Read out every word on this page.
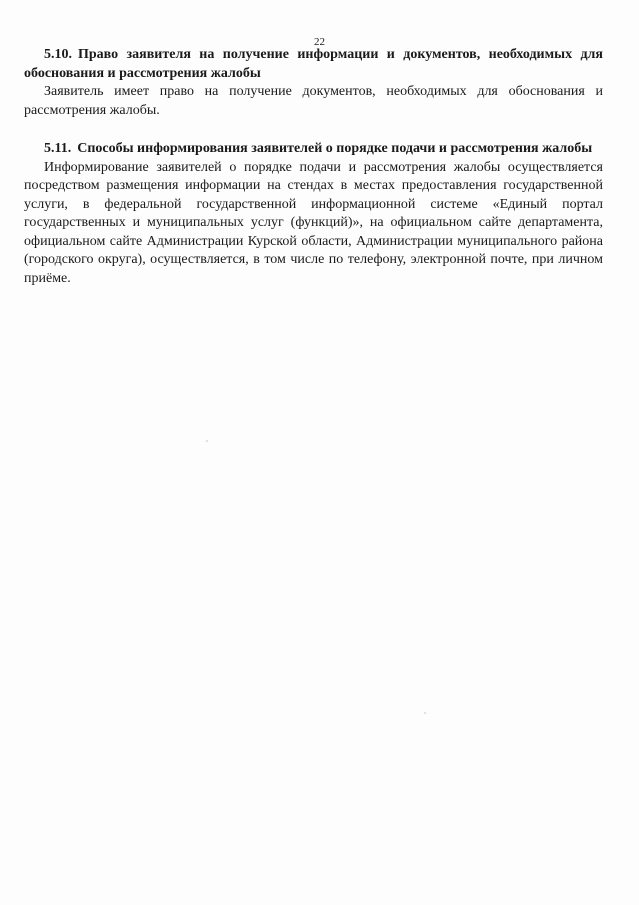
22

5.10. Право заявителя на получение информации и документов, необходимых для обоснования и рассмотрения жалобы

Заявитель имеет право на получение документов, необходимых для обоснования и рассмотрения жалобы.

5.11. Способы информирования заявителей о порядке подачи и рассмотрения жалобы

Информирование заявителей о порядке подачи и рассмотрения жалобы осуществляется посредством размещения информации на стендах в местах предоставления государственной услуги, в федеральной государственной информационной системе «Единый портал государственных и муниципальных услуг (функций)», на официальном сайте департамента, официальном сайте Администрации Курской области, Администрации муниципального района (городского округа), осуществляется, в том числе по телефону, электронной почте, при личном приёме.
